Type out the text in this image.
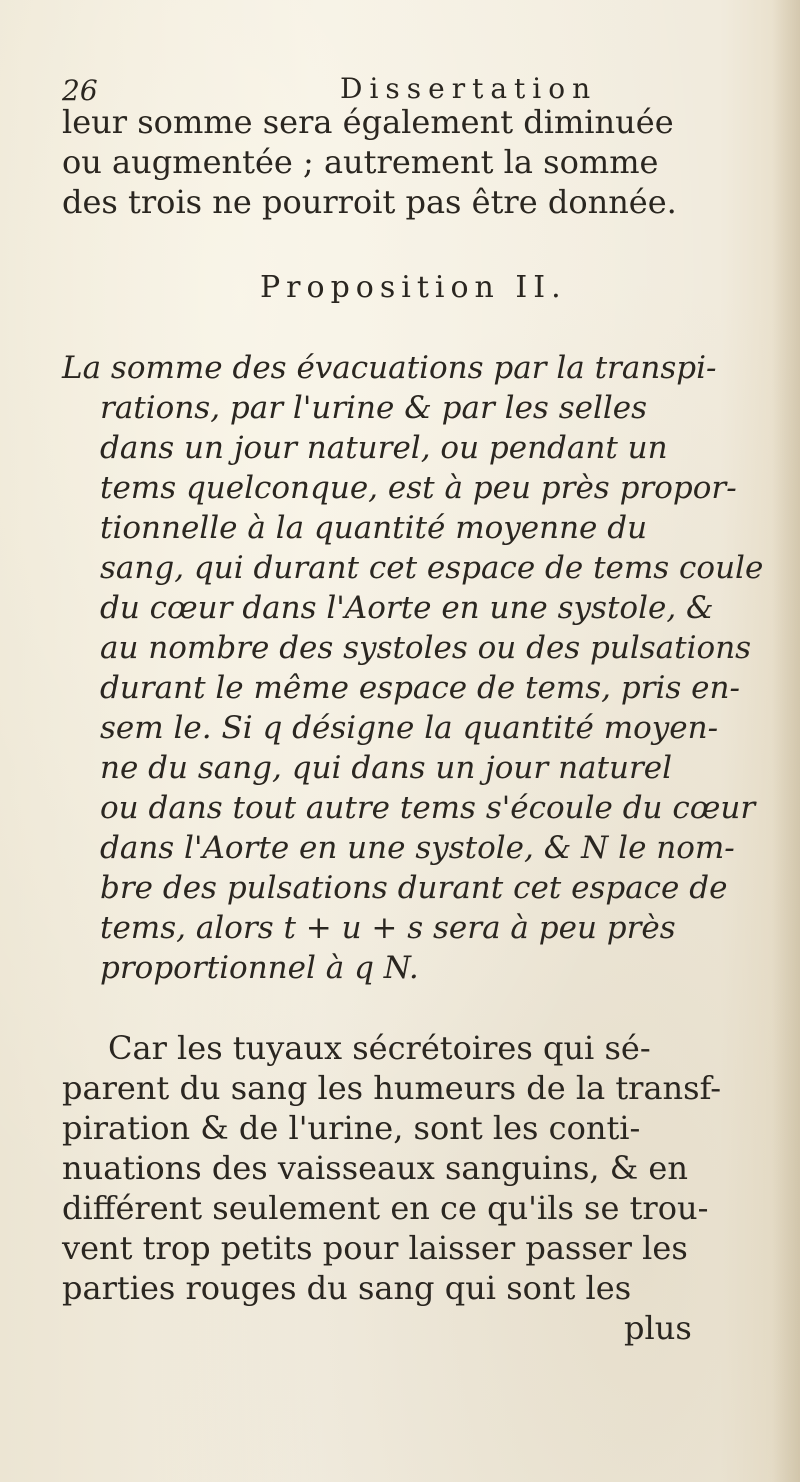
26	Dissertation
leur somme sera également diminuée
ou augmentée ; autrement la somme
des trois ne pourroit pas être donnée.
Proposition II.
La somme des évacuations par la transpi-
rations, par l'urine & par les selles
dans un jour naturel, ou pendant un
tems quelconque, est à peu près propor-
tionnelle à la quantité moyenne du
sang, qui durant cet espace de tems coule
du cœur dans l'Aorte en une systole, &
au nombre des systoles ou des pulsations
durant le même espace de tems, pris en-
sem le. Si q désigne la quantité moyen-
ne du sang, qui dans un jour naturel
ou dans tout autre tems s'écoule du cœur
dans l'Aorte en une systole, & N le nom-
bre des pulsations durant cet espace de
tems, alors t + u + s sera à peu près
proportionnel à q N.
Car les tuyaux sécrétoires qui sé-
parent du sang les humeurs de la transf-
piration & de l'urine, sont les conti-
nuations des vaisseaux sanguins, & en
différent seulement en ce qu'ils se trou-
vent trop petits pour laisser passer les
parties rouges du sang qui sont les
plus
